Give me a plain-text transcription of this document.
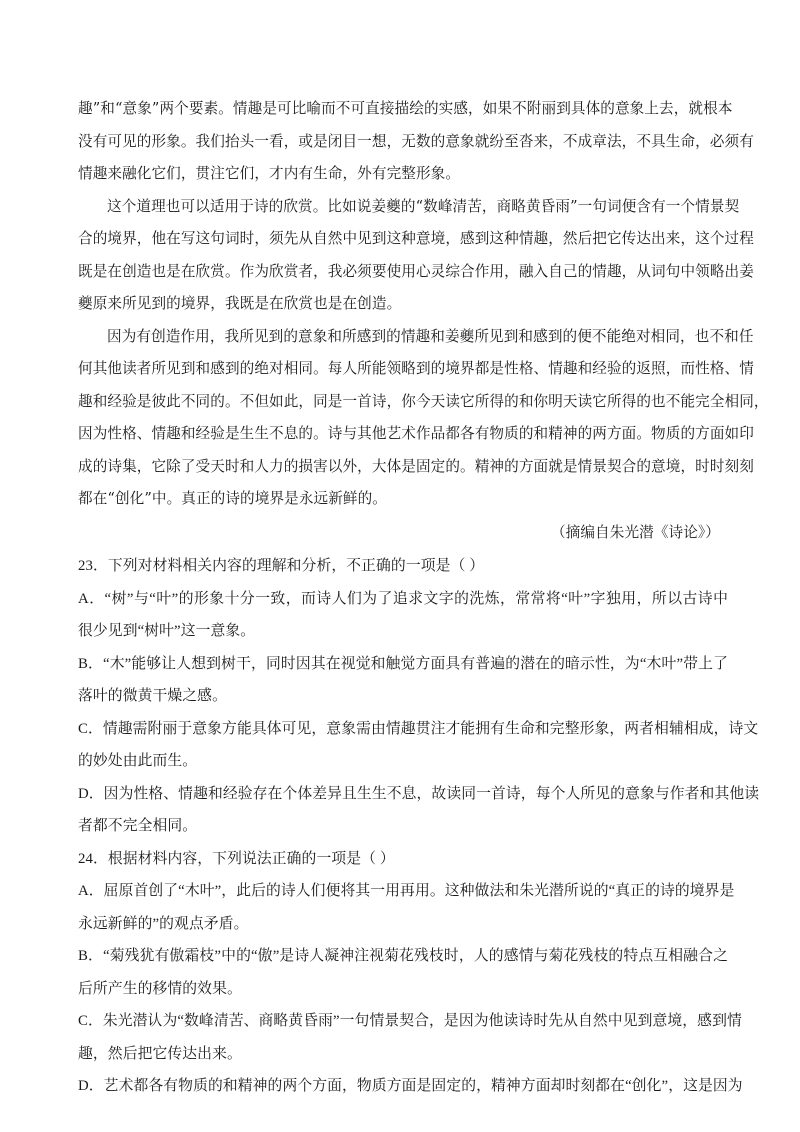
趣”和“意象”两个要素。情趣是可比喻而不可直接描绘的实感，如果不附丽到具体的意象上去，就根本
没有可见的形象。我们抬头一看，或是闭目一想，无数的意象就纷至沓来，不成章法，不具生命，必须有
情趣来融化它们，贯注它们，才内有生命，外有完整形象。
这个道理也可以适用于诗的欣赏。比如说姜夔的“数峰清苦，商略黄昏雨”一句词便含有一个情景契
合的境界，他在写这句词时，须先从自然中见到这种意境，感到这种情趣，然后把它传达出来，这个过程
既是在创造也是在欣赏。作为欣赏者，我必须要使用心灵综合作用，融入自己的情趣，从词句中领略出姜
夔原来所见到的境界，我既是在欣赏也是在创造。
因为有创造作用，我所见到的意象和所感到的情趣和姜夔所见到和感到的便不能绝对相同，也不和任
何其他读者所见到和感到的绝对相同。每人所能领略到的境界都是性格、情趣和经验的返照，而性格、情
趣和经验是彼此不同的。不但如此，同是一首诗，你今天读它所得的和你明天读它所得的也不能完全相同，
因为性格、情趣和经验是生生不息的。诗与其他艺术作品都各有物质的和精神的两方面。物质的方面如印
成的诗集，它除了受天时和人力的损害以外，大体是固定的。精神的方面就是情景契合的意境，时时刻刻
都在“创化”中。真正的诗的境界是永远新鲜的。
（摘编自朱光潜《诗论》）
23．下列对材料相关内容的理解和分析，不正确的一项是（ ）
A．“树”与“叶”的形象十分一致，而诗人们为了追求文字的洗炼，常常将“叶”字独用，所以古诗中
很少见到“树叶”这一意象。
B．“木”能够让人想到树干，同时因其在视觉和触觉方面具有普遍的潜在的暗示性，为“木叶”带上了
落叶的微黄干燥之感。
C．情趣需附丽于意象方能具体可见，意象需由情趣贯注才能拥有生命和完整形象，两者相辅相成，诗文
的妙处由此而生。
D．因为性格、情趣和经验存在个体差异且生生不息，故读同一首诗，每个人所见的意象与作者和其他读
者都不完全相同。
24．根据材料内容，下列说法正确的一项是（ ）
A．屈原首创了“木叶”，此后的诗人们便将其一用再用。这种做法和朱光潜所说的“真正的诗的境界是
永远新鲜的”的观点矛盾。
B．“菊残犹有傲霜枝”中的“傲”是诗人凝神注视菊花残枝时，人的感情与菊花残枝的特点互相融合之
后所产生的移情的效果。
C．朱光潜认为“数峰清苦、商略黄昏雨”一句情景契合，是因为他读诗时先从自然中见到意境，感到情
趣，然后把它传达出来。
D．艺术都各有物质的和精神的两个方面，物质方面是固定的，精神方面却时刻都在“创化”，这是因为
